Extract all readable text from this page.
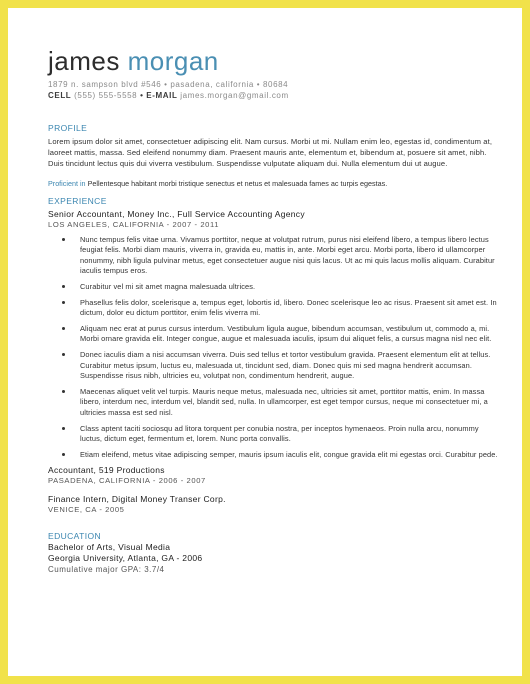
james morgan
1879 n. sampson blvd #546 • pasadena, california • 80684
CELL (555) 555-5558 • E-MAIL james.morgan@gmail.com
PROFILE
Lorem ipsum dolor sit amet, consectetuer adipiscing elit. Nam cursus. Morbi ut mi. Nullam enim leo, egestas id, condimentum at, laoreet mattis, massa. Sed eleifend nonummy diam. Praesent mauris ante, elementum et, bibendum at, posuere sit amet, nibh. Duis tincidunt lectus quis dui viverra vestibulum. Suspendisse vulputate aliquam dui. Nulla elementum dui ut augue.
Proficient in Pellentesque habitant morbi tristique senectus et netus et malesuada fames ac turpis egestas.
EXPERIENCE
Senior Accountant, Money Inc., Full Service Accounting Agency
LOS ANGELES, CALIFORNIA - 2007 - 2011
Nunc tempus felis vitae urna. Vivamus porttitor, neque at volutpat rutrum, purus nisi eleifend libero, a tempus libero lectus feugiat felis. Morbi diam mauris, viverra in, gravida eu, mattis in, ante. Morbi eget arcu. Morbi porta, libero id ullamcorper nonummy, nibh ligula pulvinar metus, eget consectetuer augue nisi quis lacus. Ut ac mi quis lacus mollis aliquam. Curabitur iaculis tempus eros.
Curabitur vel mi sit amet magna malesuada ultrices.
Phasellus felis dolor, scelerisque a, tempus eget, lobortis id, libero. Donec scelerisque leo ac risus. Praesent sit amet est. In dictum, dolor eu dictum porttitor, enim felis viverra mi.
Aliquam nec erat at purus cursus interdum. Vestibulum ligula augue, bibendum accumsan, vestibulum ut, commodo a, mi. Morbi ornare gravida elit. Integer congue, augue et malesuada iaculis, ipsum dui aliquet felis, a cursus magna nisl nec elit.
Donec iaculis diam a nisi accumsan viverra. Duis sed tellus et tortor vestibulum gravida. Praesent elementum elit at tellus. Curabitur metus ipsum, luctus eu, malesuada ut, tincidunt sed, diam. Donec quis mi sed magna hendrerit accumsan. Suspendisse risus nibh, ultricies eu, volutpat non, condimentum hendrerit, augue.
Maecenas aliquet velit vel turpis. Mauris neque metus, malesuada nec, ultricies sit amet, porttitor mattis, enim. In massa libero, interdum nec, interdum vel, blandit sed, nulla. In ullamcorper, est eget tempor cursus, neque mi consectetuer mi, a ultricies massa est sed nisl.
Class aptent taciti sociosqu ad litora torquent per conubia nostra, per inceptos hymenaeos. Proin nulla arcu, nonummy luctus, dictum eget, fermentum et, lorem. Nunc porta convallis.
Etiam eleifend, metus vitae adipiscing semper, mauris ipsum iaculis elit, congue gravida elit mi egestas orci. Curabitur pede.
Accountant, 519 Productions
PASADENA, CALIFORNIA - 2006 - 2007
Finance Intern, Digital Money Transer Corp.
VENICE, CA - 2005
EDUCATION
Bachelor of Arts, Visual Media
Georgia University, Atlanta, GA - 2006
Cumulative major GPA: 3.7/4
